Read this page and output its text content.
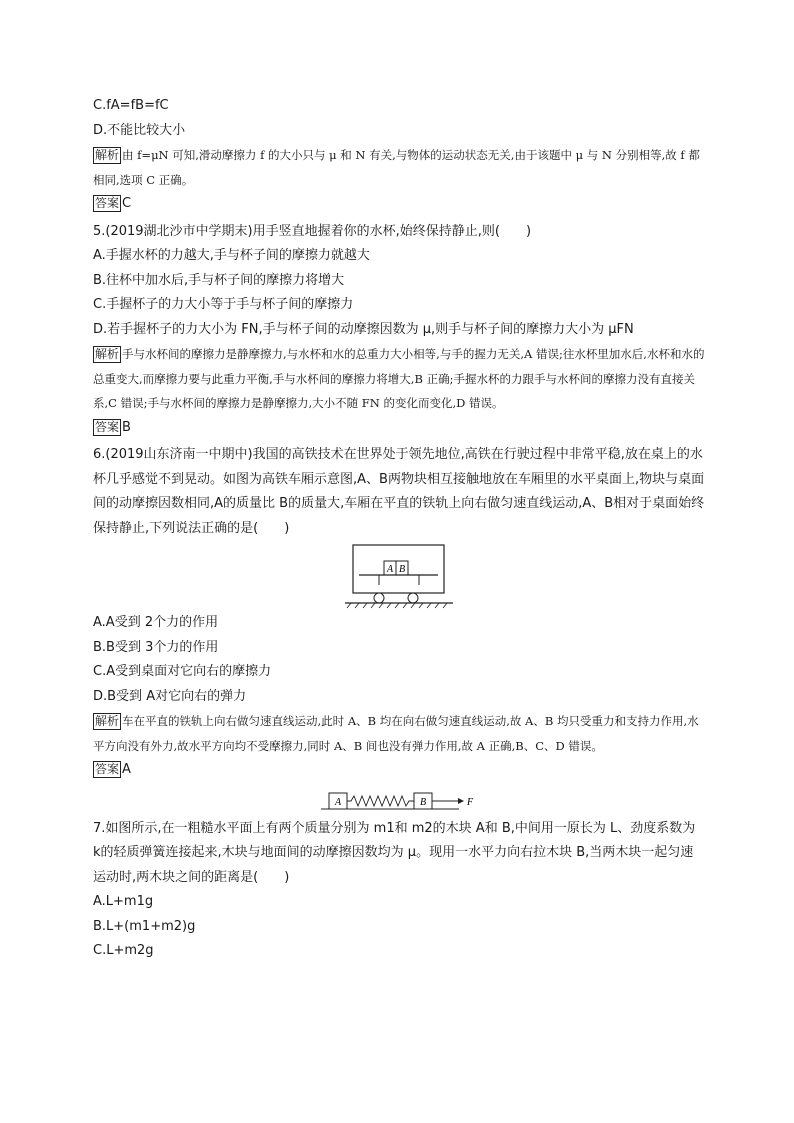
C.fA=fB=fC
D.不能比较大小
解析 由 f=μN 可知,滑动摩擦力 f 的大小只与 μ 和 N 有关,与物体的运动状态无关,由于该题中 μ 与 N 分别相等,故 f 都相同,选项 C 正确。
答案 C
5.(2019湖北沙市中学期末)用手竖直地握着你的水杯,始终保持静止,则(　　)
A.手握水杯的力越大,手与杯子间的摩擦力就越大
B.往杯中加水后,手与杯子间的摩擦力将增大
C.手握杯子的力大小等于手与杯子间的摩擦力
D.若手握杯子的力大小为 FN,手与杯子间的动摩擦因数为 μ,则手与杯子间的摩擦力大小为 μFN
解析 手与水杯间的摩擦力是静摩擦力,与水杯和水的总重力大小相等,与手的握力无关,A 错误;往水杯里加水后,水杯和水的总重变大,而摩擦力要与此重力平衡,手与水杯间的摩擦力将增大,B 正确;手握水杯的力跟手与水杯间的摩擦力没有直接关系,C 错误;手与水杯间的摩擦力是静摩擦力,大小不随 FN 的变化而变化,D 错误。
答案 B
6.(2019山东济南一中期中)我国的高铁技术在世界处于领先地位,高铁在行驶过程中非常平稳,放在桌上的水杯几乎感觉不到晃动。如图为高铁车厢示意图,A、B两物块相互接触地放在车厢里的水平桌面上,物块与桌面间的动摩擦因数相同,A的质量比 B的质量大,车厢在平直的铁轨上向右做匀速直线运动,A、B相对于桌面始终保持静止,下列说法正确的是(　　)
A B
A.A受到 2个力的作用
B.B受到 3个力的作用
C.A受到桌面对它向右的摩擦力
D.B受到 A对它向右的弹力
解析 车在平直的铁轨上向右做匀速直线运动,此时 A、B 均在向右做匀速直线运动,故 A、B 均只受重力和支持力作用,水平方向没有外力,故水平方向均不受摩擦力,同时 A、B 间也没有弹力作用,故 A 正确,B、C、D 错误。
答案 A
A	B	F
7.如图所示,在一粗糙水平面上有两个质量分别为 m1和 m2的木块 A和 B,中间用一原长为 L、劲度系数为 k的轻质弹簧连接起来,木块与地面间的动摩擦因数均为 μ。现用一水平力向右拉木块 B,当两木块一起匀速运动时,两木块之间的距离是(　　)
A.L+m1g
B.L+(m1+m2)g
C.L+m2g
